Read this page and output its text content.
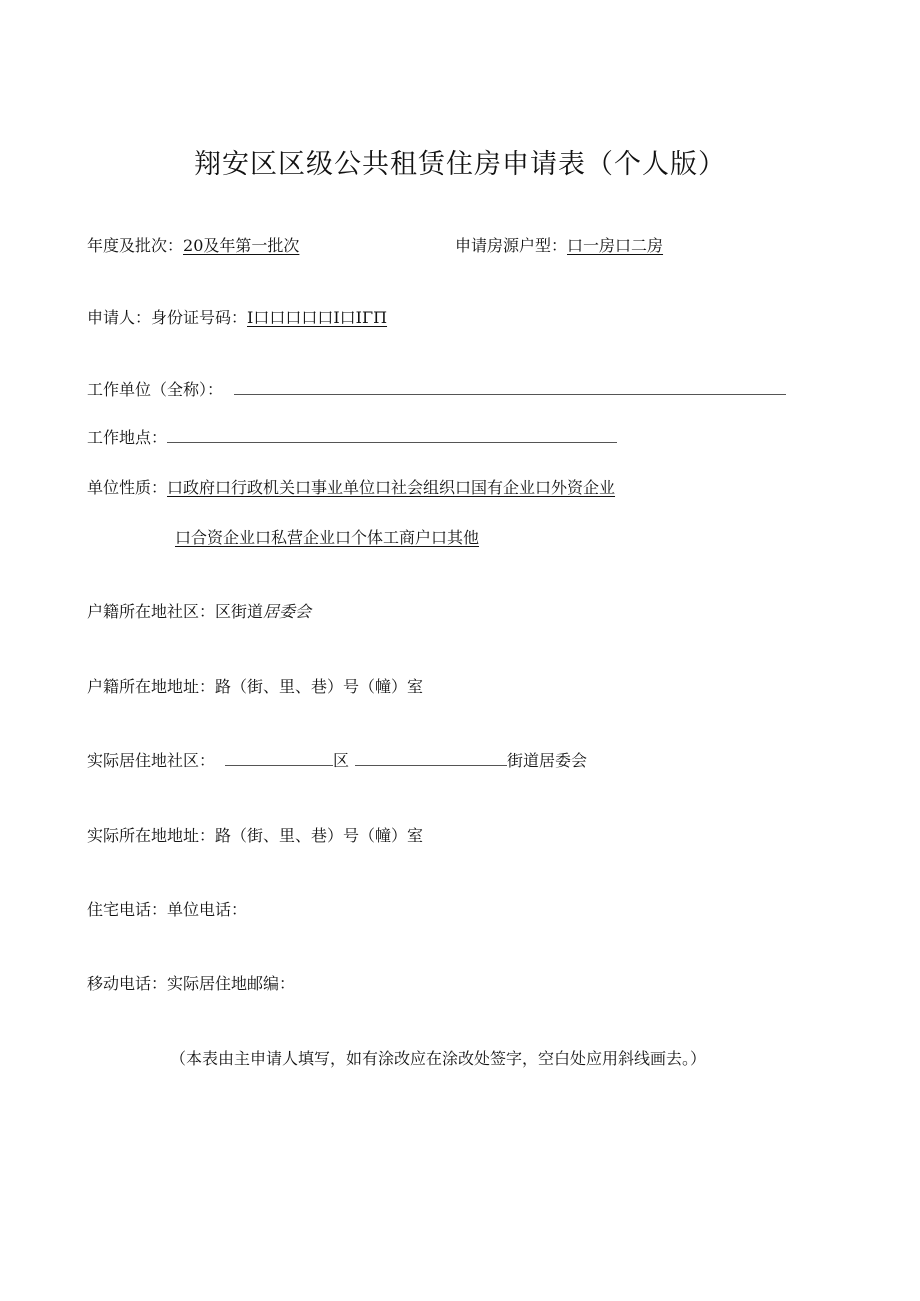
翔安区区级公共租赁住房申请表（个人版）
年度及批次：20及年第一批次	申请房源户型：口一房口二房
申请人：身份证号码：I口口口口口I口IΓΠ
工作单位（全称）：
工作地点：
单位性质：口政府口行政机关口事业单位口社会组织口国有企业口外资企业
口合资企业口私营企业口个体工商户口其他
户籍所在地社区：区街道居委会
户籍所在地地址：路（街、里、巷）号（幢）室
实际居住地社区：	区	街道居委会
实际所在地地址：路（街、里、巷）号（幢）室
住宅电话：单位电话：
移动电话：实际居住地邮编：
（本表由主申请人填写，如有涂改应在涂改处签字，空白处应用斜线画去。）
